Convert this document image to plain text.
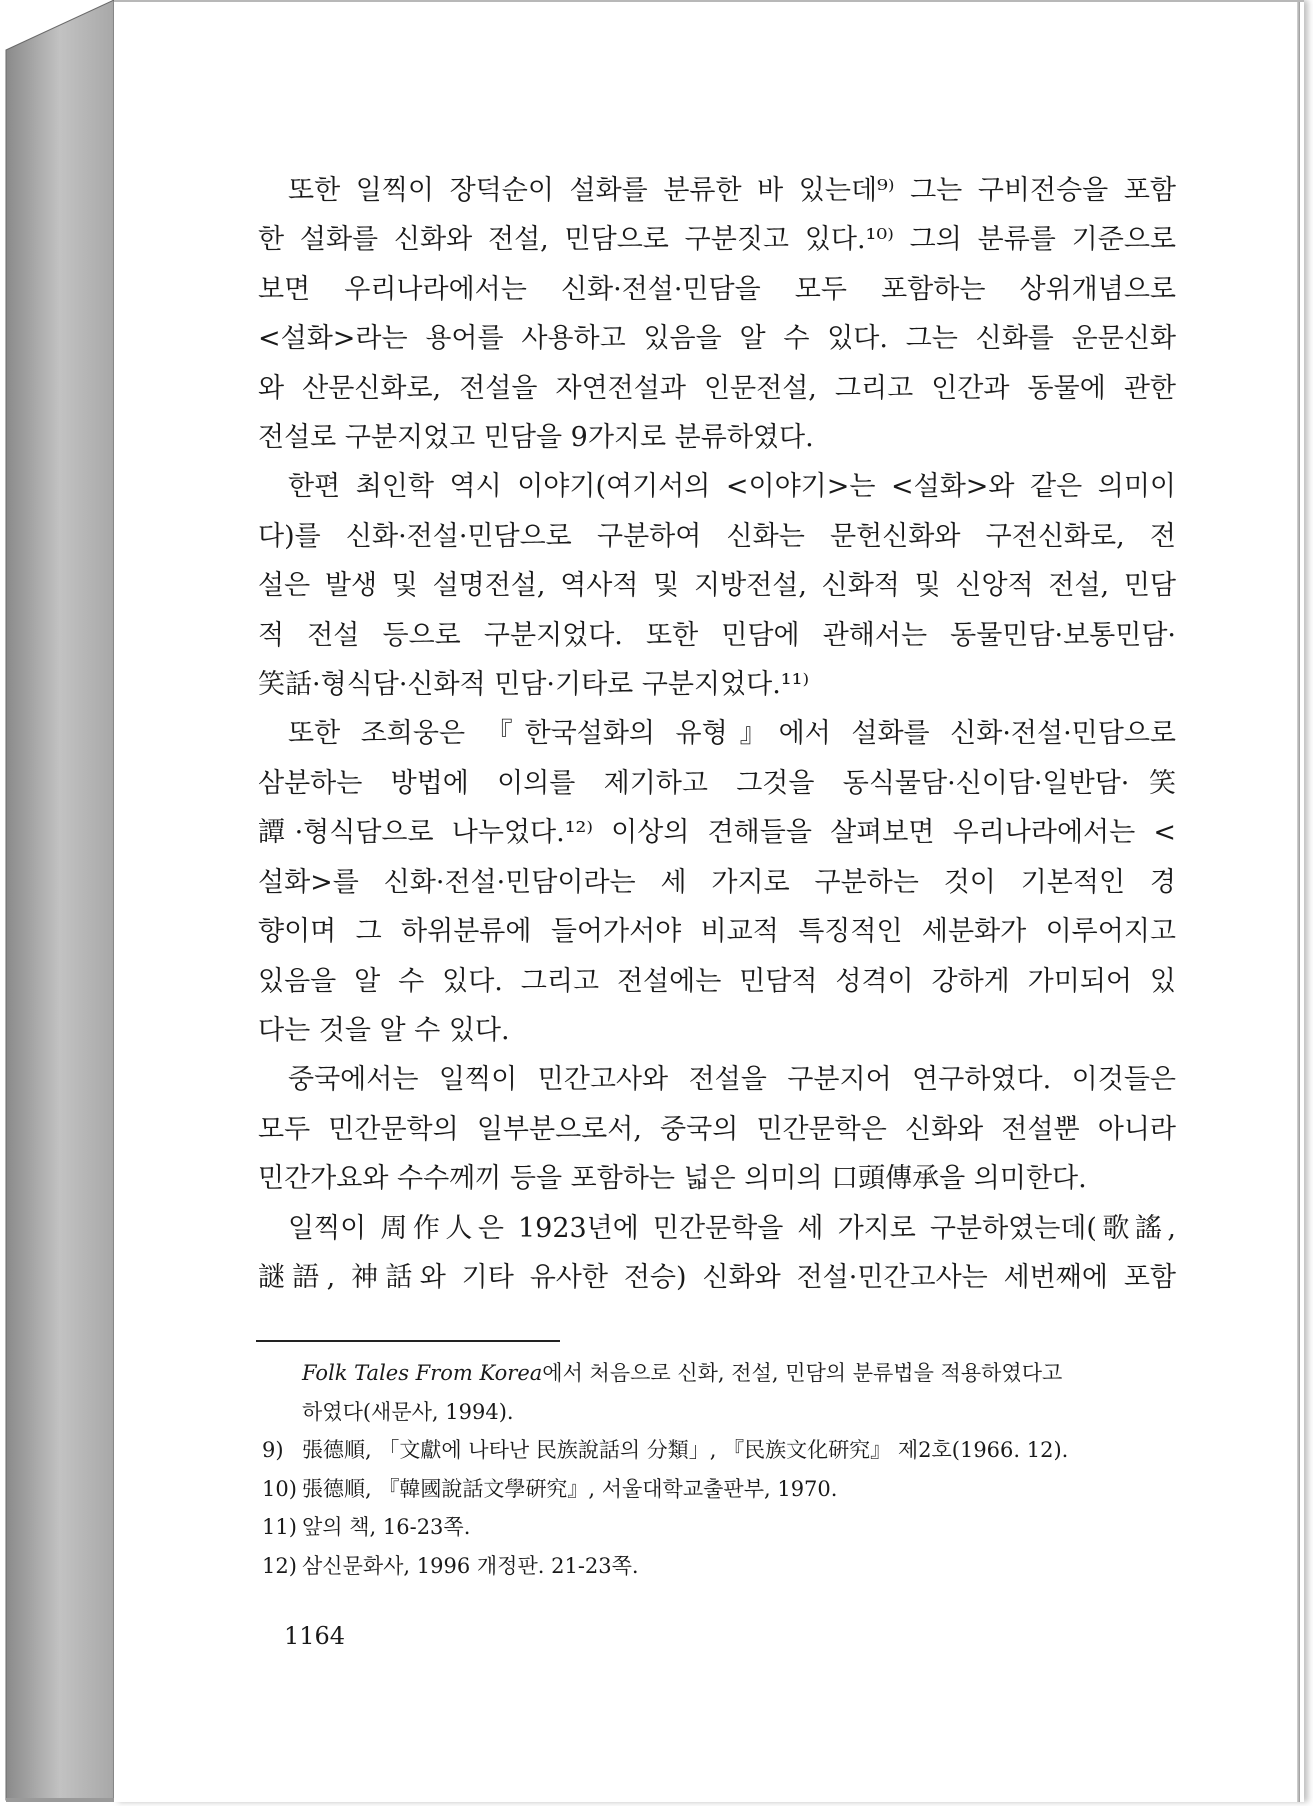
또한 일찍이 장덕순이 설화를 분류한 바 있는데⁹⁾ 그는 구비전승을 포함
한 설화를 신화와 전설, 민담으로 구분짓고 있다.¹⁰⁾ 그의 분류를 기준으로
보면 우리나라에서는 신화·전설·민담을 모두 포함하는 상위개념으로
<설화>라는 용어를 사용하고 있음을 알 수 있다. 그는 신화를 운문신화
와 산문신화로, 전설을 자연전설과 인문전설, 그리고 인간과 동물에 관한
전설로 구분지었고 민담을 9가지로 분류하였다.
한편 최인학 역시 이야기(여기서의 <이야기>는 <설화>와 같은 의미이
다)를 신화·전설·민담으로 구분하여 신화는 문헌신화와 구전신화로, 전
설은 발생 및 설명전설, 역사적 및 지방전설, 신화적 및 신앙적 전설, 민담
적 전설 등으로 구분지었다. 또한 민담에 관해서는 동물민담·보통민담·
笑話·형식담·신화적 민담·기타로 구분지었다.¹¹⁾
또한 조희웅은 『한국설화의 유형』에서 설화를 신화·전설·민담으로
삼분하는 방법에 이의를 제기하고 그것을 동식물담·신이담·일반담·笑
譚·형식담으로 나누었다.¹²⁾ 이상의 견해들을 살펴보면 우리나라에서는 <
설화>를 신화·전설·민담이라는 세 가지로 구분하는 것이 기본적인 경
향이며 그 하위분류에 들어가서야 비교적 특징적인 세분화가 이루어지고
있음을 알 수 있다. 그리고 전설에는 민담적 성격이 강하게 가미되어 있
다는 것을 알 수 있다.
중국에서는 일찍이 민간고사와 전설을 구분지어 연구하였다. 이것들은
모두 민간문학의 일부분으로서, 중국의 민간문학은 신화와 전설뿐 아니라
민간가요와 수수께끼 등을 포함하는 넓은 의미의 口頭傳承을 의미한다.
일찍이 周作人은 1923년에 민간문학을 세 가지로 구분하였는데(歌謠,
謎語, 神話와 기타 유사한 전승) 신화와 전설·민간고사는 세번째에 포함
Folk Tales From Korea에서 처음으로 신화, 전설, 민담의 분류법을 적용하였다고
하였다(새문사, 1994).
9) 張德順, 「文獻에 나타난 民族說話의 分類」, 『民族文化硏究』 제2호(1966. 12).
10) 張德順, 『韓國說話文學硏究』, 서울대학교출판부, 1970.
11) 앞의 책, 16-23쪽.
12) 삼신문화사, 1996 개정판. 21-23쪽.
1164
